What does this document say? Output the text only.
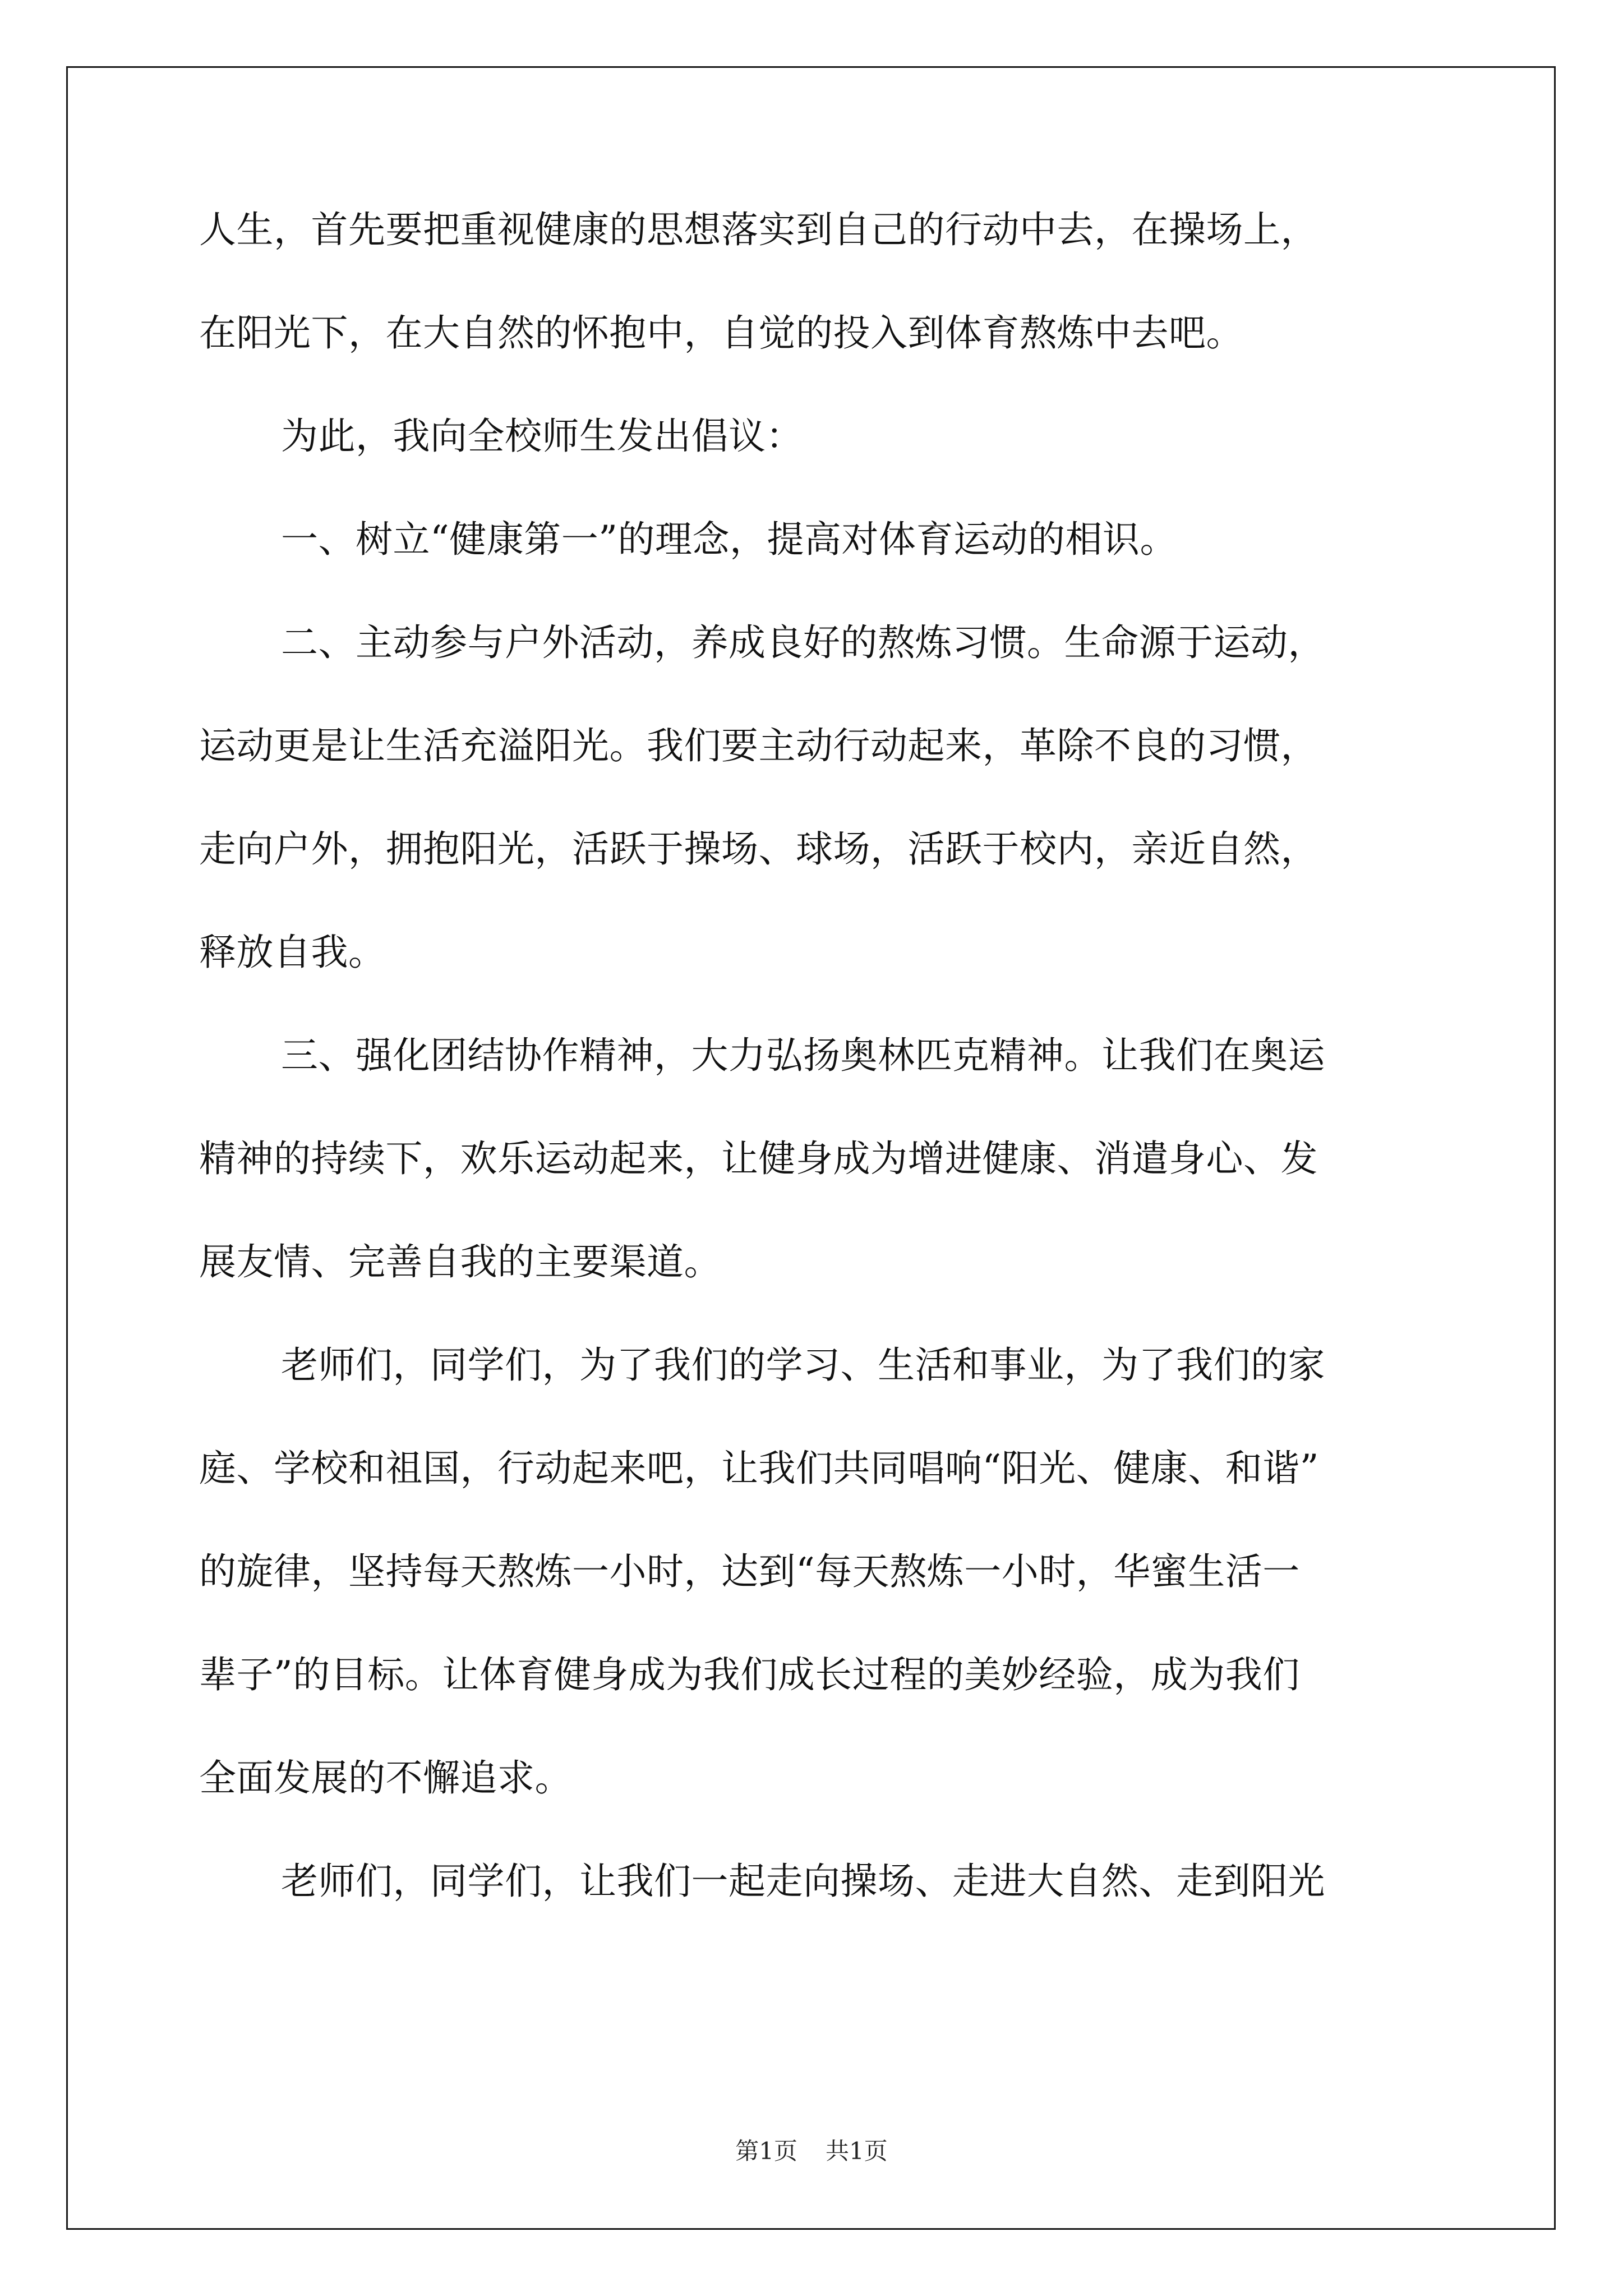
人生，首先要把重视健康的思想落实到自己的行动中去，在操场上，
在阳光下，在大自然的怀抱中，自觉的投入到体育熬炼中去吧。
为此，我向全校师生发出倡议：
一、树立“健康第一”的理念，提高对体育运动的相识。
二、主动参与户外活动，养成良好的熬炼习惯。生命源于运动，
运动更是让生活充溢阳光。我们要主动行动起来，革除不良的习惯，
走向户外，拥抱阳光，活跃于操场、球场，活跃于校内，亲近自然，
释放自我。
三、强化团结协作精神，大力弘扬奥林匹克精神。让我们在奥运
精神的持续下，欢乐运动起来，让健身成为增进健康、消遣身心、发
展友情、完善自我的主要渠道。
老师们，同学们，为了我们的学习、生活和事业，为了我们的家
庭、学校和祖国，行动起来吧，让我们共同唱响“阳光、健康、和谐”
的旋律，坚持每天熬炼一小时，达到“每天熬炼一小时，华蜜生活一
辈子”的目标。让体育健身成为我们成长过程的美妙经验，成为我们
全面发展的不懈追求。
老师们，同学们，让我们一起走向操场、走进大自然、走到阳光
第1页 共1页
